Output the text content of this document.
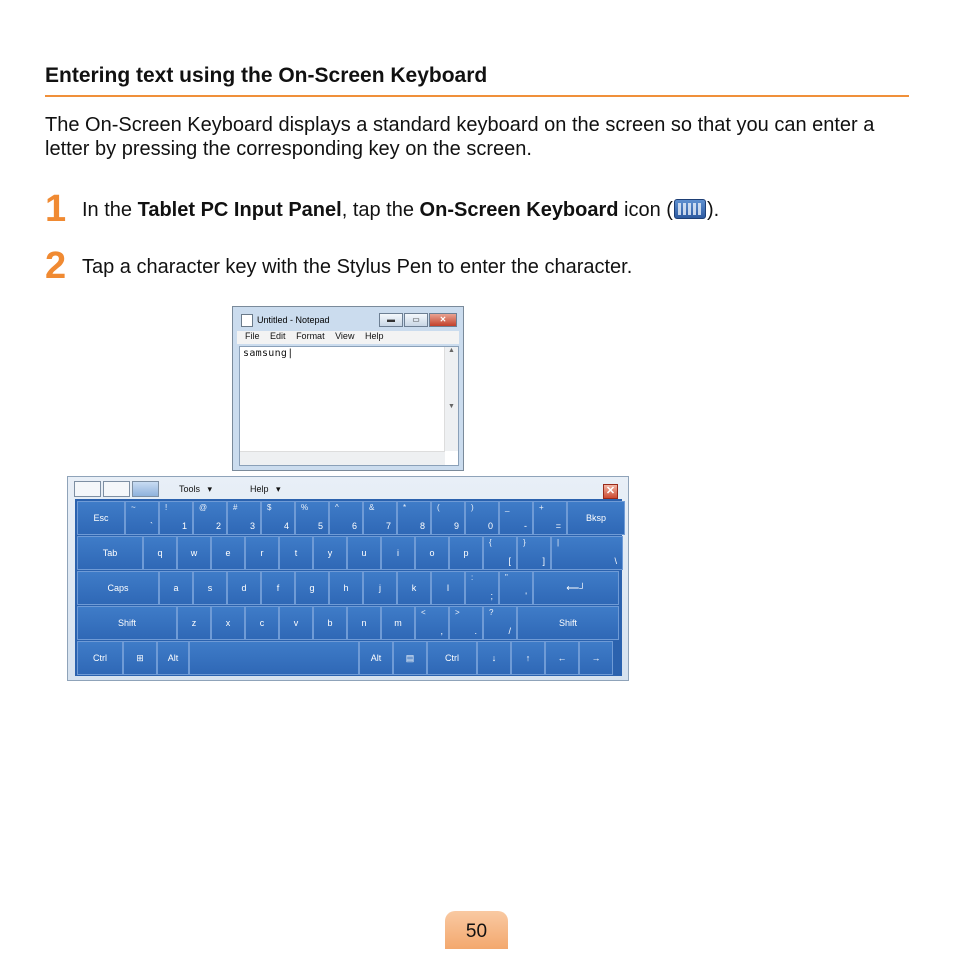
Entering text using the On-Screen Keyboard
The On-Screen Keyboard displays a standard keyboard on the screen so that you can enter a letter by pressing the corresponding key on the screen.
1 In the Tablet PC Input Panel, tap the On-Screen Keyboard icon ( ).
2 Tap a character key with the Stylus Pen to enter the character.
Untitled - Notepad	▬	▭	✕
File Edit Format View Help
samsung|	▲

▼
Tools   ▾	Help   ▾	✕
Esc
~
`
!
1
@
2
#
3
$
4
%
5
^
6
&
7
*
8
(
9
)
0
_
-
+
=
Bksp
Tab	q	w	e	r	t	y	u	i	o	p
{
[
}
]
|
\
Caps	a	s	d	f	g	h	j	k	l
:
;
"
'
⟵┘
Shift	z	x	c	v	b	n	m
<
,
>
.
?
/
Shift
Ctrl	⊞	Alt	Alt	▤	Ctrl	↓	↑	←	→
50
